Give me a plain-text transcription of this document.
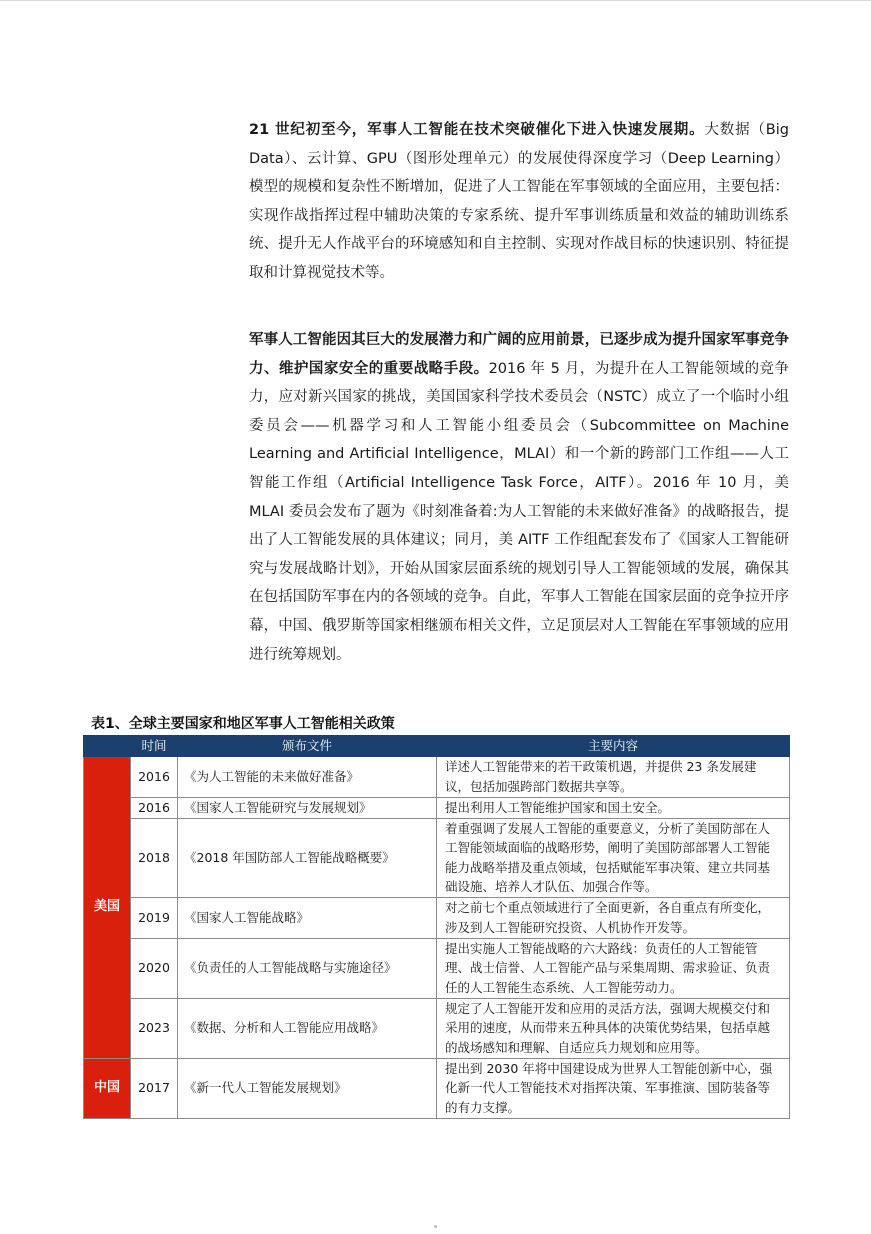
21 世纪初至今，军事人工智能在技术突破催化下进入快速发展期。大数据（Big Data）、云计算、GPU（图形处理单元）的发展使得深度学习（Deep Learning）模型的规模和复杂性不断增加，促进了人工智能在军事领域的全面应用，主要包括：实现作战指挥过程中辅助决策的专家系统、提升军事训练质量和效益的辅助训练系统、提升无人作战平台的环境感知和自主控制、实现对作战目标的快速识别、特征提取和计算视觉技术等。

军事人工智能因其巨大的发展潜力和广阔的应用前景，已逐步成为提升国家军事竞争力、维护国家安全的重要战略手段。2016 年 5 月，为提升在人工智能领域的竞争力，应对新兴国家的挑战，美国国家科学技术委员会（NSTC）成立了一个临时小组委员会——机器学习和人工智能小组委员会（Subcommittee on Machine Learning and Artificial Intelligence，MLAI）和一个新的跨部门工作组——人工智能工作组（Artificial Intelligence Task Force，AITF）。2016 年 10 月，美 MLAI 委员会发布了题为《时刻准备着:为人工智能的未来做好准备》的战略报告，提出了人工智能发展的具体建议；同月，美 AITF 工作组配套发布了《国家人工智能研究与发展战略计划》，开始从国家层面系统的规划引导人工智能领域的发展，确保其在包括国防军事在内的各领域的竞争。自此，军事人工智能在国家层面的竞争拉开序幕，中国、俄罗斯等国家相继颁布相关文件，立足顶层对人工智能在军事领域的应用进行统筹规划。

表1、全球主要国家和地区军事人工智能相关政策
	时间	颁布文件	主要内容
美国	2016	《为人工智能的未来做好准备》	详述人工智能带来的若干政策机遇，并提供 23 条发展建议，包括加强跨部门数据共享等。
	2016	《国家人工智能研究与发展规划》	提出利用人工智能维护国家和国土安全。
	2018	《2018 年国防部人工智能战略概要》	着重强调了发展人工智能的重要意义，分析了美国防部在人工智能领域面临的战略形势，阐明了美国防部部署人工智能能力战略举措及重点领域，包括赋能军事决策、建立共同基础设施、培养人才队伍、加强合作等。
	2019	《国家人工智能战略》	对之前七个重点领域进行了全面更新，各自重点有所变化，涉及到人工智能研究投资、人机协作开发等。
	2020	《负责任的人工智能战略与实施途径》	提出实施人工智能战略的六大路线：负责任的人工智能管理、战士信誉、人工智能产品与采集周期、需求验证、负责任的人工智能生态系统、人工智能劳动力。
	2023	《数据、分析和人工智能应用战略》	规定了人工智能开发和应用的灵活方法，强调大规模交付和采用的速度，从而带来五种具体的决策优势结果，包括卓越的战场感知和理解、自适应兵力规划和应用等。
中国	2017	《新一代人工智能发展规划》	提出到 2030 年将中国建设成为世界人工智能创新中心，强化新一代人工智能技术对指挥决策、军事推演、国防装备等的有力支撑。
